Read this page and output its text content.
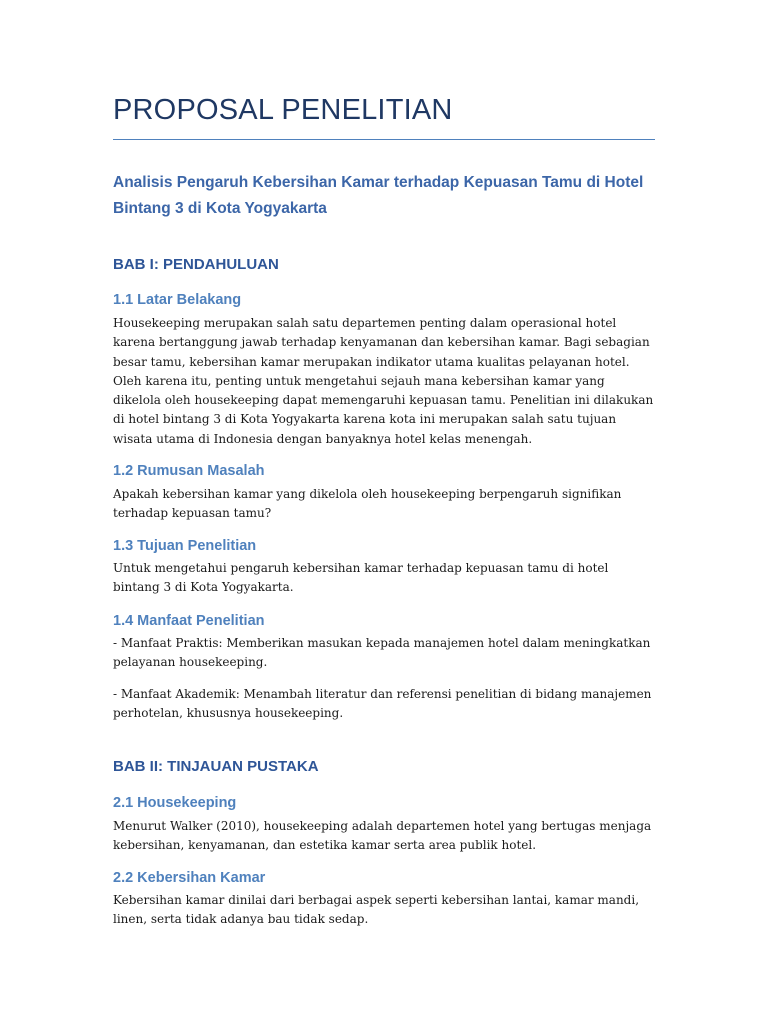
PROPOSAL PENELITIAN

Analisis Pengaruh Kebersihan Kamar terhadap Kepuasan Tamu di Hotel Bintang 3 di Kota Yogyakarta

BAB I: PENDAHULUAN
1.1 Latar Belakang

Housekeeping merupakan salah satu departemen penting dalam operasional hotel karena bertanggung jawab terhadap kenyamanan dan kebersihan kamar. Bagi sebagian besar tamu, kebersihan kamar merupakan indikator utama kualitas pelayanan hotel. Oleh karena itu, penting untuk mengetahui sejauh mana kebersihan kamar yang dikelola oleh housekeeping dapat memengaruhi kepuasan tamu. Penelitian ini dilakukan di hotel bintang 3 di Kota Yogyakarta karena kota ini merupakan salah satu tujuan wisata utama di Indonesia dengan banyaknya hotel kelas menengah.

1.2 Rumusan Masalah

Apakah kebersihan kamar yang dikelola oleh housekeeping berpengaruh signifikan terhadap kepuasan tamu?

1.3 Tujuan Penelitian

Untuk mengetahui pengaruh kebersihan kamar terhadap kepuasan tamu di hotel bintang 3 di Kota Yogyakarta.

1.4 Manfaat Penelitian

- Manfaat Praktis: Memberikan masukan kepada manajemen hotel dalam meningkatkan pelayanan housekeeping.

- Manfaat Akademik: Menambah literatur dan referensi penelitian di bidang manajemen perhotelan, khususnya housekeeping.

BAB II: TINJAUAN PUSTAKA
2.1 Housekeeping

Menurut Walker (2010), housekeeping adalah departemen hotel yang bertugas menjaga kebersihan, kenyamanan, dan estetika kamar serta area publik hotel.

2.2 Kebersihan Kamar

Kebersihan kamar dinilai dari berbagai aspek seperti kebersihan lantai, kamar mandi, linen, serta tidak adanya bau tidak sedap.
